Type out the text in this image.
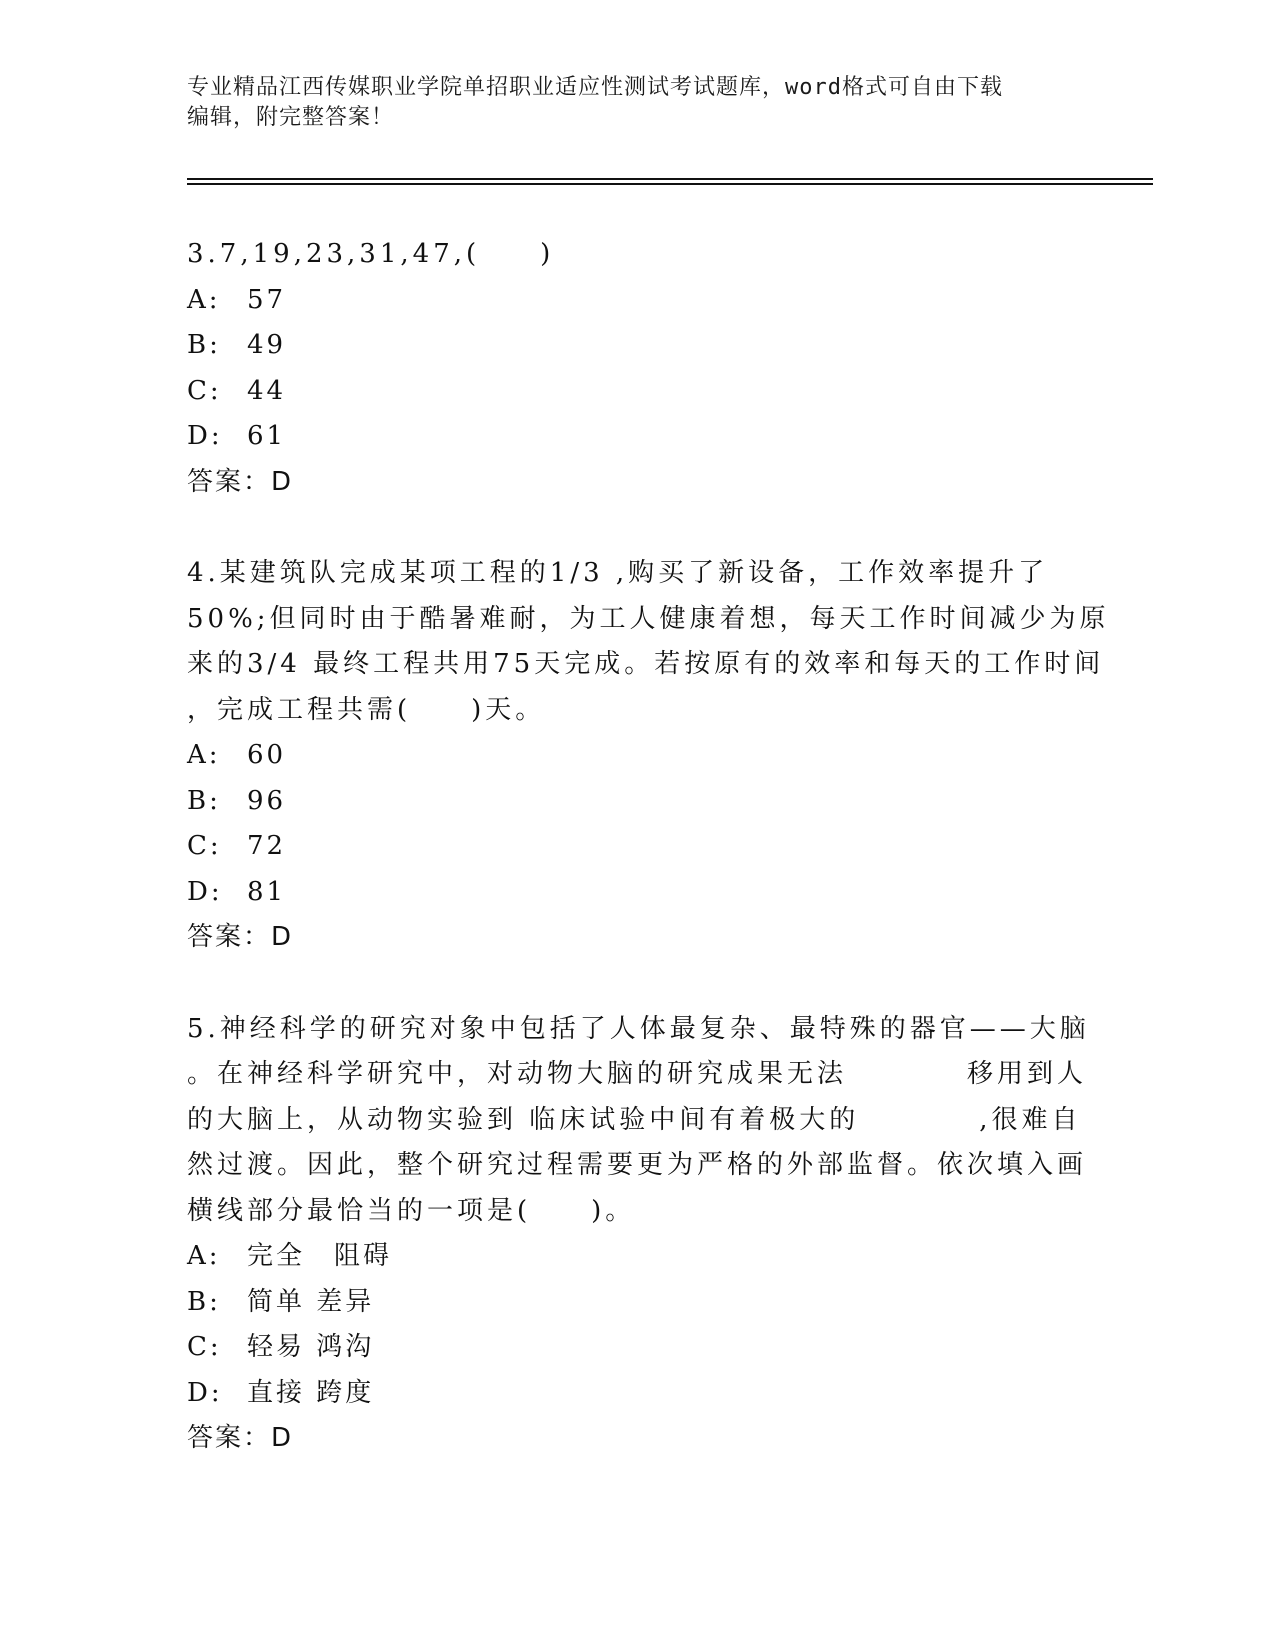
专业精品江西传媒职业学院单招职业适应性测试考试题库，word格式可自由下载
编辑，附完整答案！
3.7,19,23,31,47,(　　)
A:	57
B:	49
C: 44
D: 61
答案：D
4.某建筑队完成某项工程的1/3 ,购买了新设备，工作效率提升了
50%;但同时由于酷暑难耐，为工人健康着想，每天工作时间减少为原
来的3/4 最终工程共用75天完成。若按原有的效率和每天的工作时间
，完成工程共需(　　)天。
A:	60
B:	96
C: 72
D: 81
答案：D
5.神经科学的研究对象中包括了人体最复杂、最特殊的器官——大脑
。在神经科学研究中，对动物大脑的研究成果无法　　　　移用到人
的大脑上，从动物实验到 临床试验中间有着极大的　　　　,很难自
然过渡。因此，整个研究过程需要更为严格的外部监督。依次填入画
横线部分最恰当的一项是(　　)。
A:	完全　阻碍
B:	简单 差异
C: 轻易 鸿沟
D: 直接 跨度
答案：D
